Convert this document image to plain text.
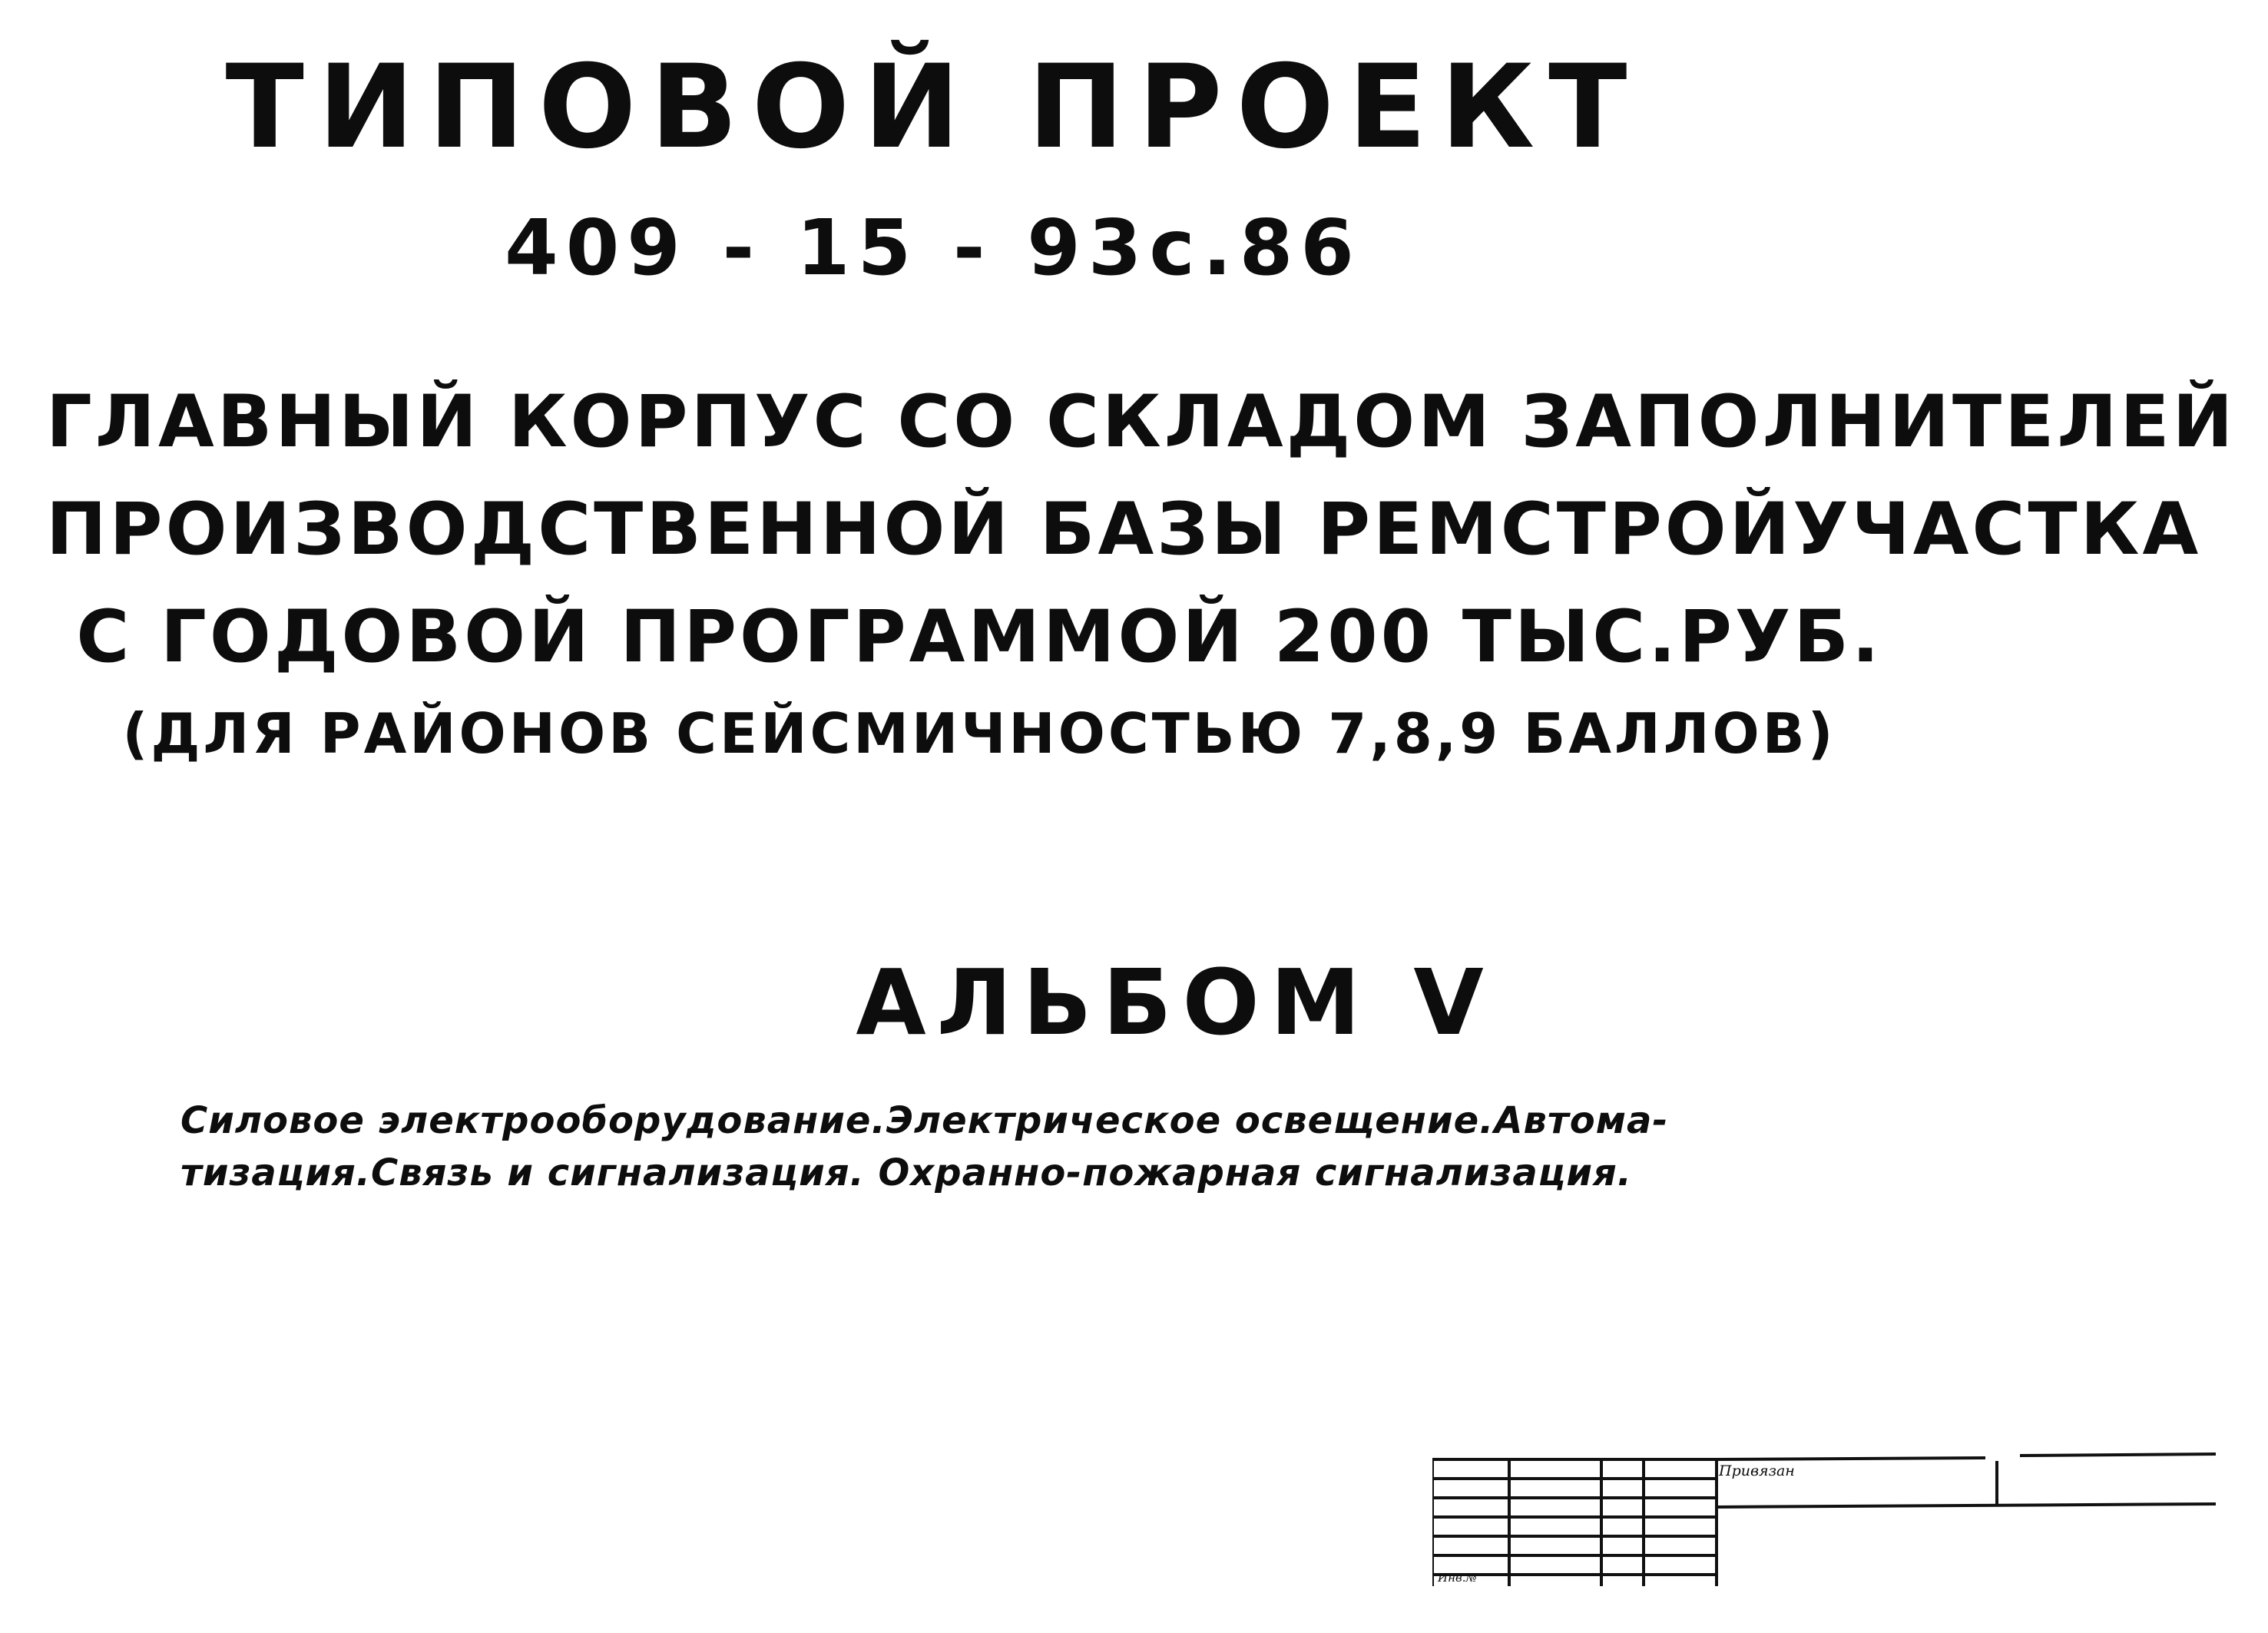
ТИПОВОЙ ПРОЕКТ
409 - 15 - 93с.86
ГЛАВНЫЙ КОРПУС СО СКЛАДОМ ЗАПОЛНИТЕЛЕЙ
ПРОИЗВОДСТВЕННОЙ БАЗЫ РЕМСТРОЙУЧАСТКА
С ГОДОВОЙ ПРОГРАММОЙ 200 ТЫС.РУБ.
(ДЛЯ РАЙОНОВ СЕЙСМИЧНОСТЬЮ 7,8,9 БАЛЛОВ)
АЛЬБОМ V
Силовое электрооборудование.Электрическое освещение.Автома-
тизация.Связь и сигнализация. Охранно-пожарная сигнализация.
Привязан
Инв.№
